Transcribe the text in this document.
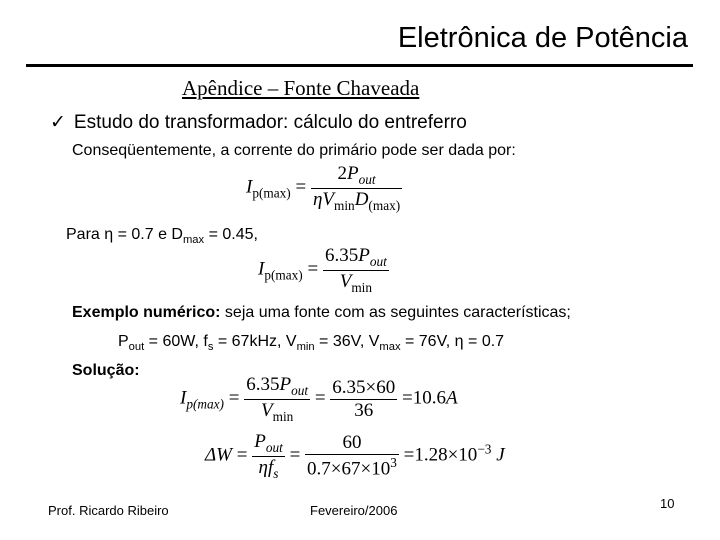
Eletrônica de Potência
Apêndice – Fonte Chaveada
✓ Estudo do transformador: cálculo do entreferro
Conseqüentemente, a corrente do primário pode ser dada por:
$I_{p(max)} = \frac{2P_{out}}{\eta V_{min}D_{(max)}}$
Para η = 0.7 e $D_{max} = 0.45$,
$I_{p(max)} = \frac{6.35P_{out}}{V_{min}}$
Exemplo numérico: seja uma fonte com as seguintes características;
$P_{out} = 60W$, $f_s = 67kHz$, $V_{min} = 36V$, $V_{max} = 76V$, η = 0.7
Solução:
$I_{p(max)} = \frac{6.35P_{out}}{V_{min}} = \frac{6.35\times 60}{36} =10.6A$
$\Delta W = \frac{P_{out}}{\eta f_s} = \frac{60}{0.7\times 67\times 10^3} =1.28\times 10^{-3}$ J
Prof. Ricardo Ribeiro	Fevereiro/2006	10
